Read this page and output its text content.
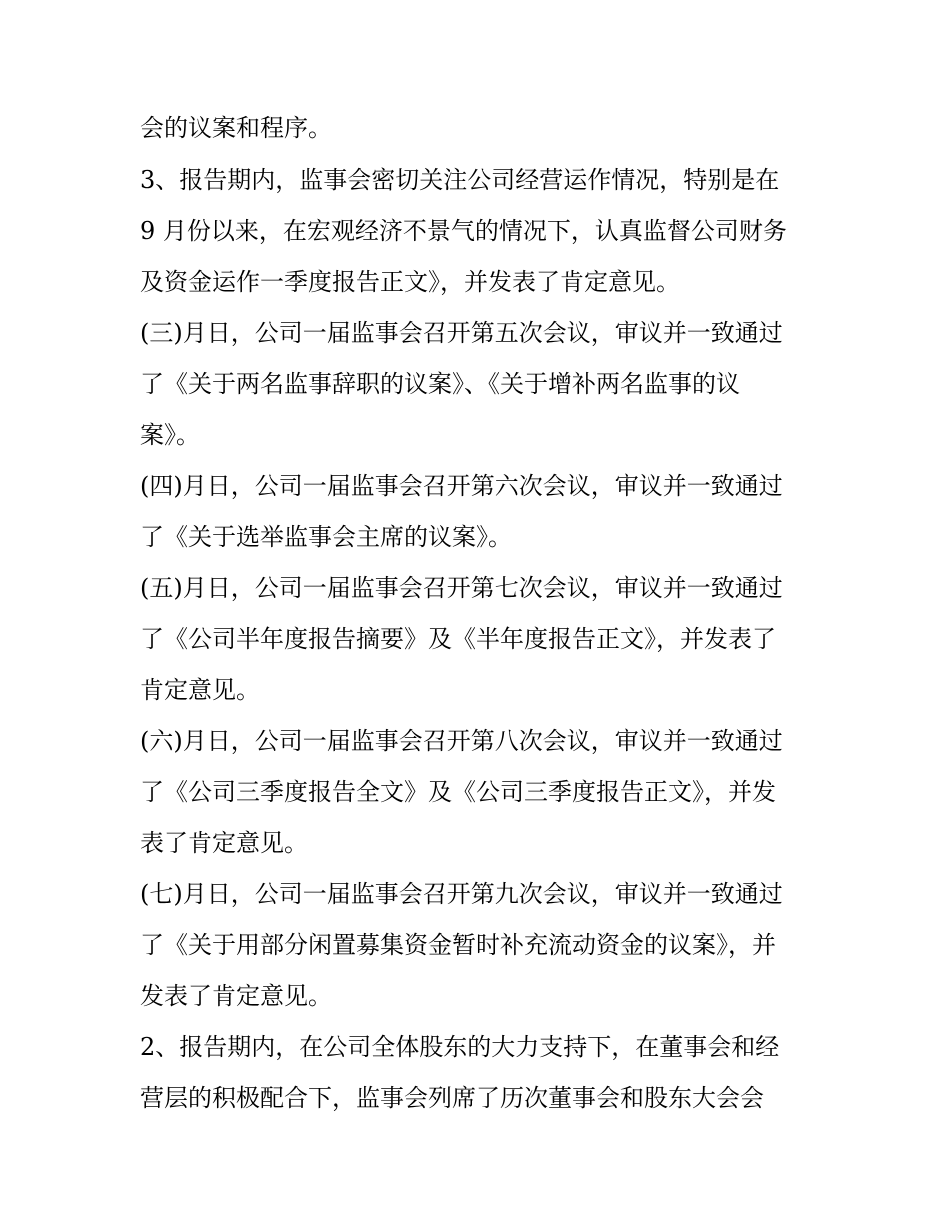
会的议案和程序。
3、报告期内，监事会密切关注公司经营运作情况，特别是在
9 月份以来，在宏观经济不景气的情况下，认真监督公司财务
及资金运作一季度报告正文》，并发表了肯定意见。
(三)月日，公司一届监事会召开第五次会议，审议并一致通过
了《关于两名监事辞职的议案》、《关于增补两名监事的议
案》。
(四)月日，公司一届监事会召开第六次会议，审议并一致通过
了《关于选举监事会主席的议案》。
(五)月日，公司一届监事会召开第七次会议，审议并一致通过
了《公司半年度报告摘要》及《半年度报告正文》，并发表了
肯定意见。
(六)月日，公司一届监事会召开第八次会议，审议并一致通过
了《公司三季度报告全文》及《公司三季度报告正文》，并发
表了肯定意见。
(七)月日，公司一届监事会召开第九次会议，审议并一致通过
了《关于用部分闲置募集资金暂时补充流动资金的议案》，并
发表了肯定意见。
2、报告期内，在公司全体股东的大力支持下，在董事会和经
营层的积极配合下，监事会列席了历次董事会和股东大会会
